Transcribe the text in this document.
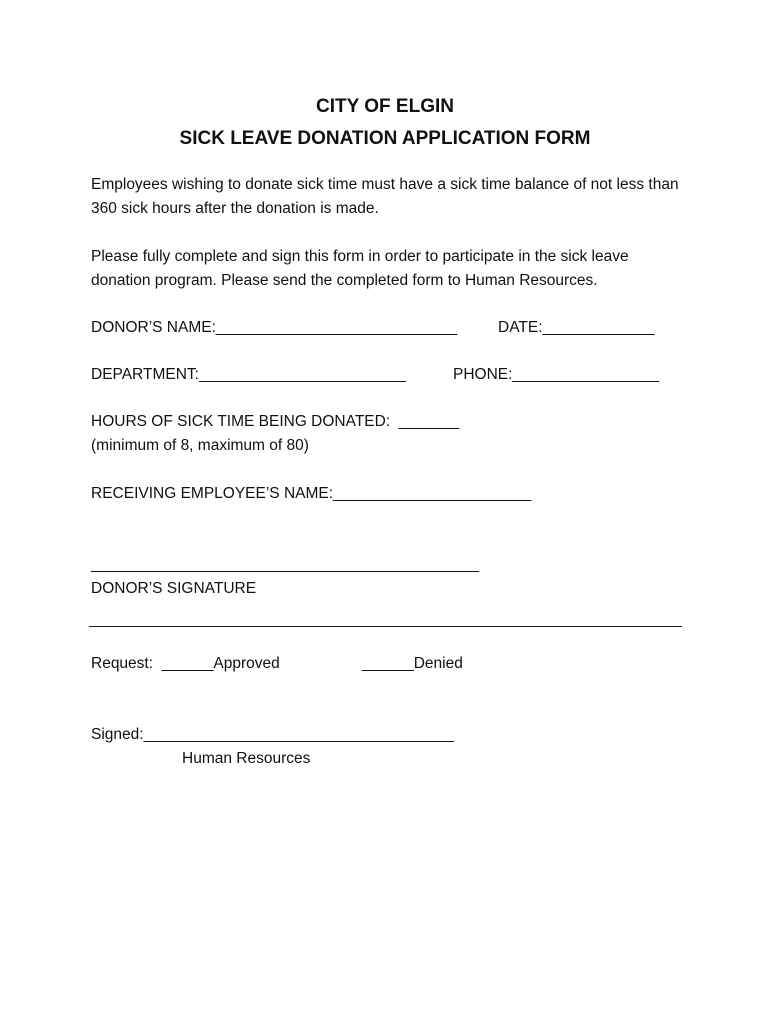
CITY OF ELGIN
SICK LEAVE DONATION APPLICATION FORM
Employees wishing to donate sick time must have a sick time balance of not less than 360 sick hours after the donation is made.
Please fully complete and sign this form in order to participate in the sick leave donation program. Please send the completed form to Human Resources.
DONOR’S NAME:____________________________	DATE:_____________
DEPARTMENT:________________________	PHONE:_________________
HOURS OF SICK TIME BEING DONATED:  _______
(minimum of 8, maximum of 80)
RECEIVING EMPLOYEE’S NAME:_______________________
_____________________________________________
DONOR’S SIGNATURE
Request:  ______Approved	______Denied
Signed:____________________________________
Human Resources
